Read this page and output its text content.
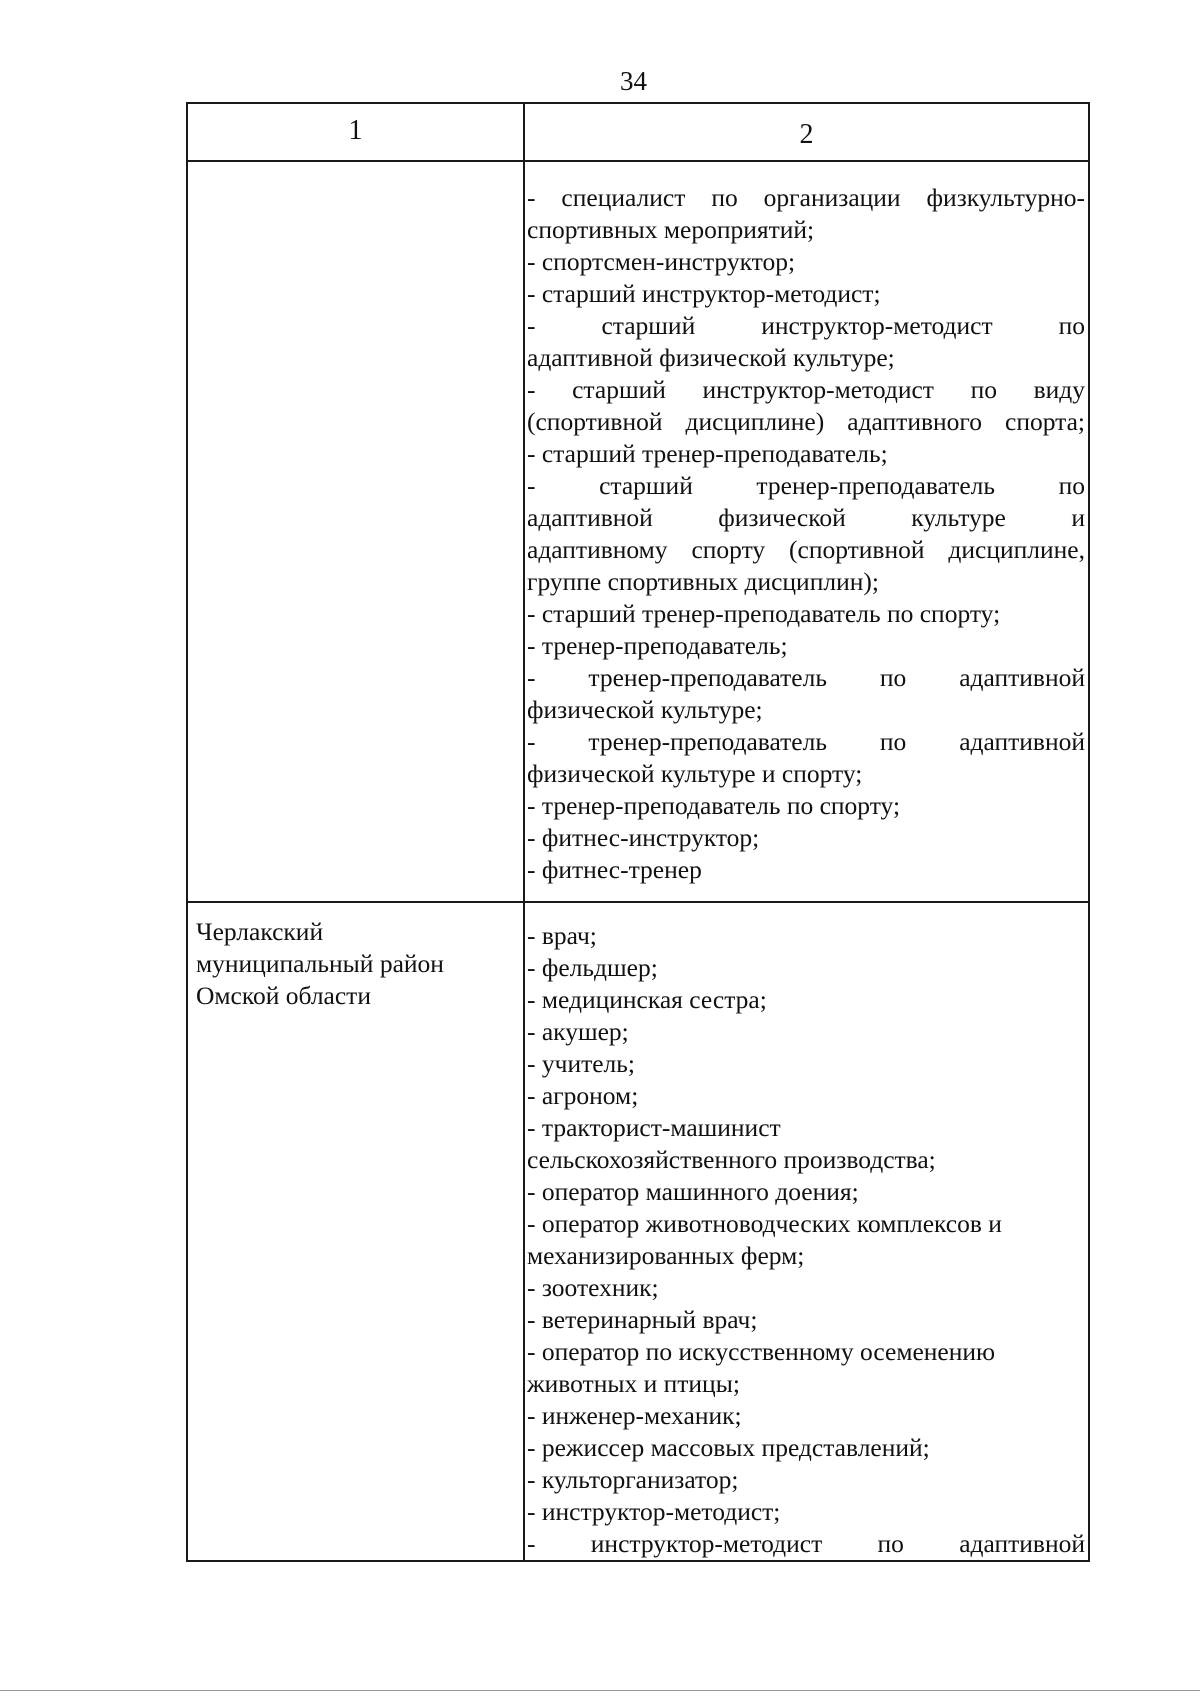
34
1	2
- специалист по организации физкультурно-
спортивных мероприятий;
- спортсмен-инструктор;
- старший инструктор-методист;
- старший инструктор-методист по
адаптивной физической культуре;
- старший инструктор-методист по виду
(спортивной дисциплине) адаптивного спорта;
- старший тренер-преподаватель;
- старший тренер-преподаватель по
адаптивной физической культуре и
адаптивному спорту (спортивной дисциплине,
группе спортивных дисциплин);
- старший тренер-преподаватель по спорту;
- тренер-преподаватель;
- тренер-преподаватель по адаптивной
физической культуре;
- тренер-преподаватель по адаптивной
физической культуре и спорту;
- тренер-преподаватель по спорту;
- фитнес-инструктор;
- фитнес-тренер
Черлакский
муниципальный район
Омской области
- врач;
- фельдшер;
- медицинская сестра;
- акушер;
- учитель;
- агроном;
- тракторист-машинист
сельскохозяйственного производства;
- оператор машинного доения;
- оператор животноводческих комплексов и
механизированных ферм;
- зоотехник;
- ветеринарный врач;
- оператор по искусственному осеменению
животных и птицы;
- инженер-механик;
- режиссер массовых представлений;
- культорганизатор;
- инструктор-методист;
- инструктор-методист по адаптивной
